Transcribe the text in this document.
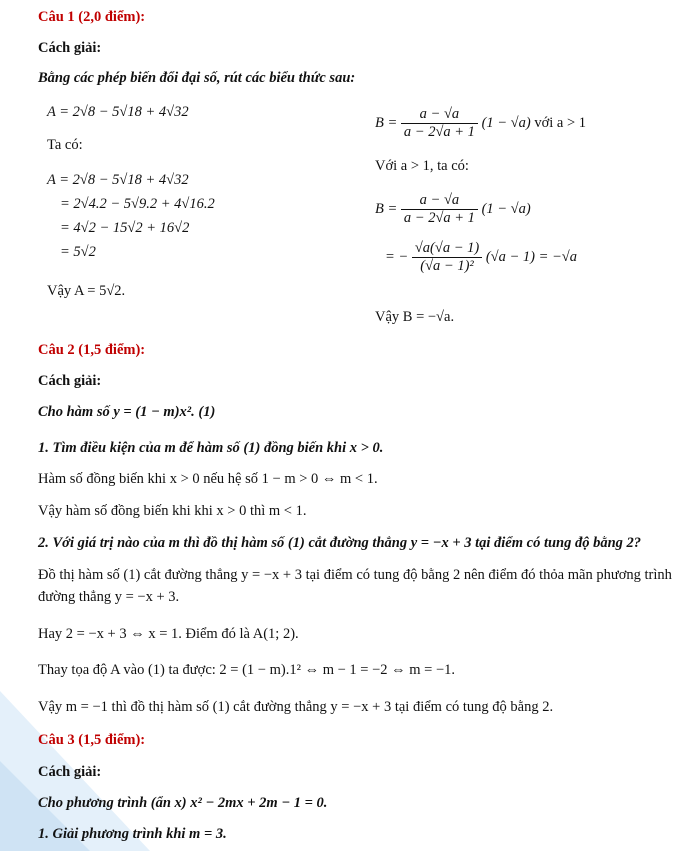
Câu 1 (2,0 điểm):
Cách giải:
Bằng các phép biến đổi đại số, rút các biểu thức sau:
A = 2√8 − 5√18 + 4√32
Ta có:
A = 2√8 − 5√18 + 4√32
= 2√4.2 − 5√9.2 + 4√16.2
= 4√2 − 15√2 + 16√2
= 5√2
Vậy A = 5√2.
$B = \frac{a - √a}{a - 2√a + 1} (1 - √a)$ với a > 1
Với a > 1, ta có:
$B = \frac{a - √a}{a - 2√a + 1} (1 - √a)$
= − $\frac{√a(√a - 1)}{\text{(√a − 1)²}} (√a - 1) = -√a$
Vậy B = −√a.
Câu 2 (1,5 điểm):
Cách giải:
Cho hàm số y = (1 − m)x². (1)
1. Tìm điều kiện của m để hàm số (1) đồng biến khi x > 0.
Hàm số đồng biến khi x > 0 nếu hệ số 1 − m > 0 ⇔ m < 1.
Vậy hàm số đồng biến khi khi x > 0 thì m < 1.
2. Với giá trị nào của m thì đồ thị hàm số (1) cắt đường thẳng y = −x + 3 tại điểm có tung độ bằng 2?
Đồ thị hàm số (1) cắt đường thẳng y = −x + 3 tại điểm có tung độ bằng 2 nên điểm đó thỏa mãn phương trình
đường thẳng y = −x + 3.
Hay 2 = −x + 3 ⇔ x = 1. Điểm đó là A(1; 2).
Thay tọa độ A vào (1) ta được: 2 = (1 − m).1² ⇔ m − 1 = −2 ⇔ m = −1.
Vậy m = −1 thì đồ thị hàm số (1) cắt đường thẳng y = −x + 3 tại điểm có tung độ bằng 2.
Câu 3 (1,5 điểm):
Cách giải:
Cho phương trình (ẩn x) x² − 2mx + 2m − 1 = 0.
1. Giải phương trình khi m = 3.
